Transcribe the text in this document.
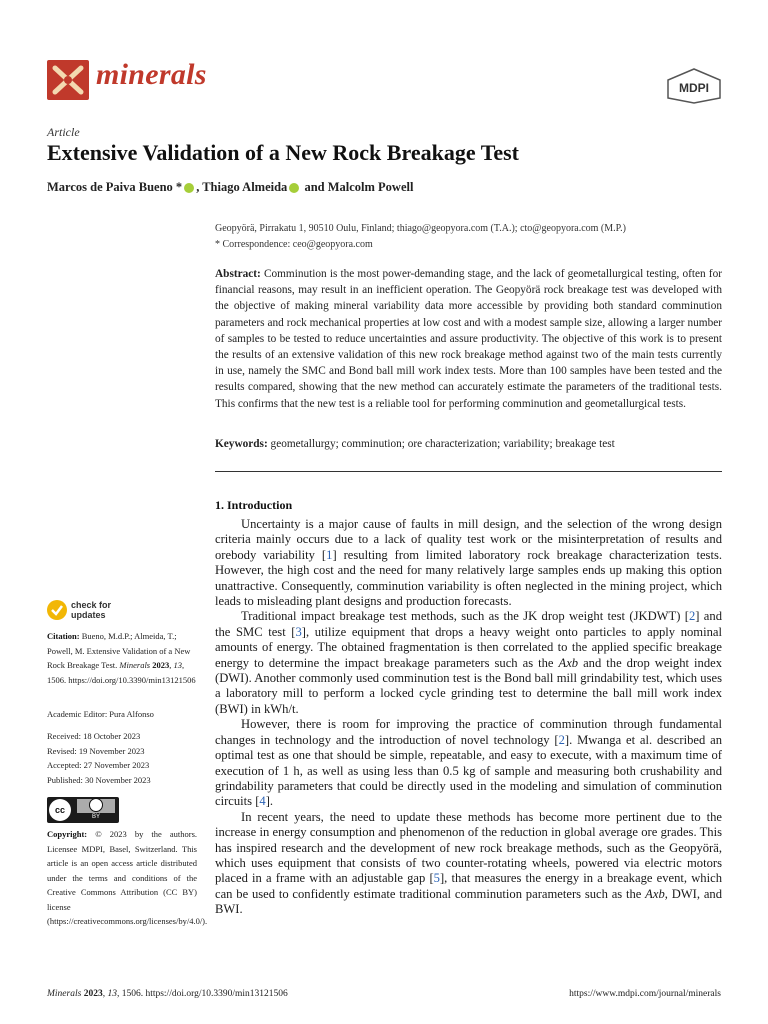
minerals	MDPI
Article
Extensive Validation of a New Rock Breakage Test
Marcos de Paiva Bueno * , Thiago Almeida and Malcolm Powell
Geopyörä, Pirrakatu 1, 90510 Oulu, Finland; thiago@geopyora.com (T.A.); cto@geopyora.com (M.P.)
* Correspondence: ceo@geopyora.com
Abstract: Comminution is the most power-demanding stage, and the lack of geometallurgical testing, often for financial reasons, may result in an inefficient operation. The Geopyörä rock breakage test was developed with the objective of making mineral variability data more accessible by providing both standard comminution parameters and rock mechanical properties at low cost and with a modest sample size, allowing a larger number of samples to be tested to reduce uncertainties and assure productivity. The objective of this work is to present the results of an extensive validation of this new rock breakage method against two of the main tests currently in use, namely the SMC and Bond ball mill work index tests. More than 100 samples have been tested and the results compared, showing that the new method can accurately estimate the parameters of the traditional tests. This confirms that the new test is a reliable tool for performing comminution and geometallurgical tests.
Keywords: geometallurgy; comminution; ore characterization; variability; breakage test
1. Introduction

Uncertainty is a major cause of faults in mill design, and the selection of the wrong design criteria mainly occurs due to a lack of quality test work or the misinterpretation of results and orebody variability [1] resulting from limited laboratory rock breakage characterization tests. However, the high cost and the need for many relatively large samples ends up making this option unattractive. Consequently, comminution variability is often neglected in the mining project, which leads to misleading plant designs and production forecasts.

Traditional impact breakage test methods, such as the JK drop weight test (JKDWT) [2] and the SMC test [3], utilize equipment that drops a heavy weight onto particles to apply nominal amounts of energy. The obtained fragmentation is then correlated to the applied specific breakage energy to determine the impact breakage parameters such as the Axb and the drop weight index (DWI). Another commonly used comminution test is the Bond ball mill grindability test, which uses a laboratory mill to perform a locked cycle grinding test to determine the ball mill work index (BWI) in kWh/t.

However, there is room for improving the practice of comminution through fundamental changes in technology and the introduction of novel technology [2]. Mwanga et al. described an optimal test as one that should be simple, repeatable, and easy to execute, with a maximum time of execution of 1 h, as well as using less than 0.5 kg of sample and measuring both crushability and grindability parameters that could be directly used in the modeling and simulation of comminution circuits [4].

In recent years, the need to update these methods has become more pertinent due to the increase in energy consumption and phenomenon of the reduction in global average ore grades. This has inspired research and the development of new rock breakage methods, such as the Geopyörä, which uses equipment that consists of two counter-rotating wheels, powered via electric motors placed in a frame with an adjustable gap [5], that measures the energy in a breakage event, which can be used to confidently estimate traditional comminution parameters such as the Axb, DWI, and BWI.

check for
updates
Citation: Bueno, M.d.P.; Almeida, T.; Powell, M. Extensive Validation of a New Rock Breakage Test. Minerals 2023, 13, 1506. https://doi.org/10.3390/min13121506
Academic Editor: Pura Alfonso
Received: 18 October 2023
Revised: 19 November 2023
Accepted: 27 November 2023
Published: 30 November 2023
cc
BY
Copyright: © 2023 by the authors. Licensee MDPI, Basel, Switzerland. This article is an open access article distributed under the terms and conditions of the Creative Commons Attribution (CC BY) license (https://creativecommons.org/licenses/by/4.0/).
Minerals 2023, 13, 1506. https://doi.org/10.3390/min13121506	https://www.mdpi.com/journal/minerals
